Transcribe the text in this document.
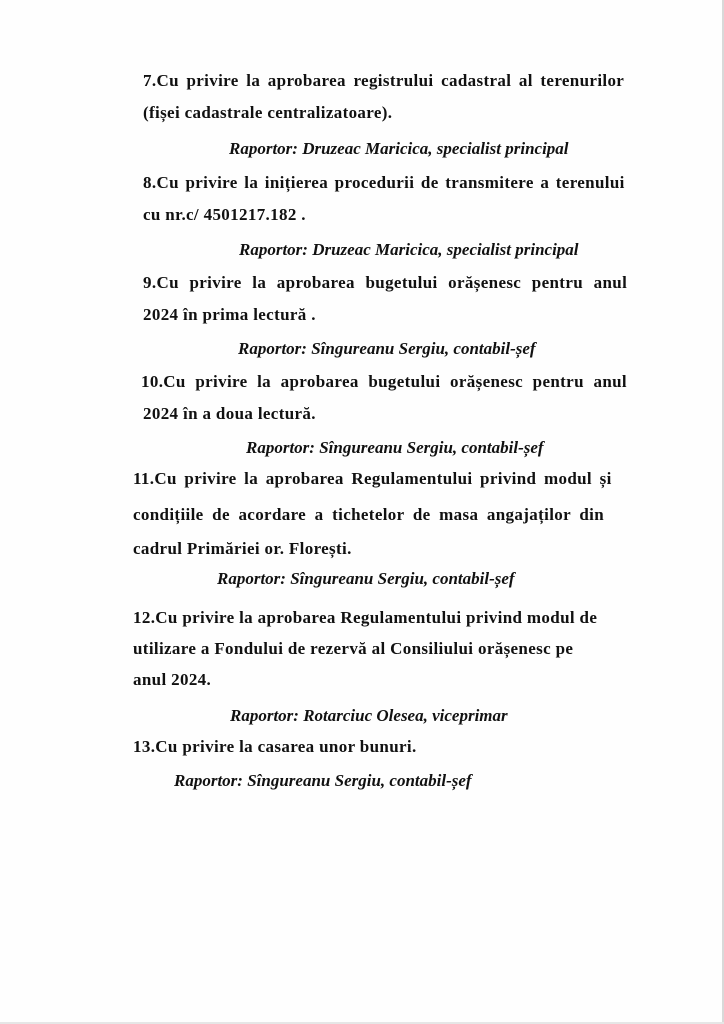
7.Cu privire la aprobarea registrului cadastral al terenurilor
(fișei cadastrale centralizatoare).
Raportor: Druzeac Maricica, specialist principal
8.Cu privire la inițierea procedurii de transmitere a terenului
cu nr.c/ 4501217.182 .
Raportor: Druzeac Maricica, specialist principal
9.Cu privire la aprobarea bugetului orășenesc pentru anul
2024 în prima lectură .
Raportor: Sîngureanu Sergiu, contabil-șef
10.Cu privire la aprobarea bugetului orășenesc pentru anul
2024 în a doua lectură.
Raportor: Sîngureanu Sergiu, contabil-șef
11.Cu privire la aprobarea Regulamentului privind modul și
condițiile de acordare a tichetelor de masa angajaților din
cadrul Primăriei or. Florești.
Raportor: Sîngureanu Sergiu, contabil-șef
12.Cu privire la aprobarea Regulamentului privind modul de
utilizare a Fondului de rezervă al Consiliului orășenesc pe
anul 2024.
Raportor: Rotarciuc Olesea, viceprimar
13.Cu privire la casarea unor bunuri.
Raportor: Sîngureanu Sergiu, contabil-șef
